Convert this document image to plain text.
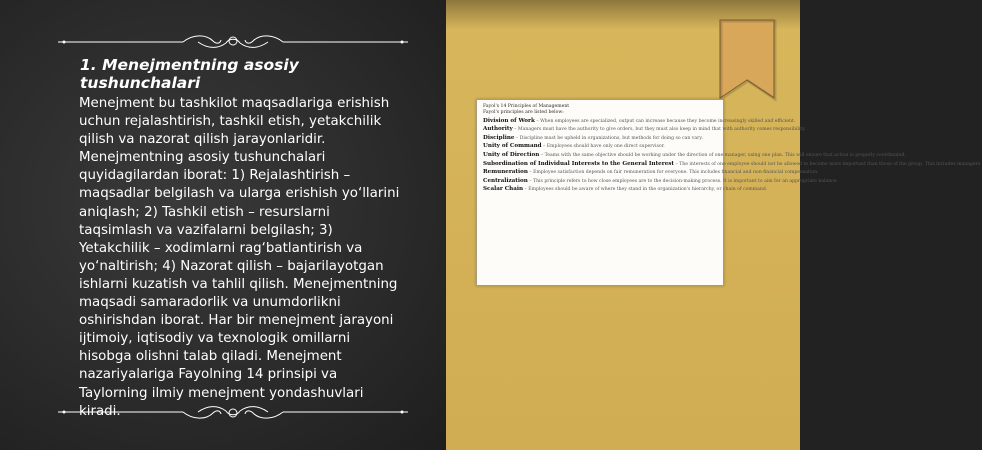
1. Menejmentning asosiy tushunchalari

Menejment bu tashkilot maqsadlariga erishish uchun rejalashtirish, tashkil etish, yetakchilik qilish va nazorat qilish jarayonlaridir. Menejmentning asosiy tushunchalari quyidagilardan iborat: 1) Rejalashtirish – maqsadlar belgilash va ularga erishish yo‘llarini aniqlash; 2) Tashkil etish – resurslarni taqsimlash va vazifalarni belgilash; 3) Yetakchilik – xodimlarni rag‘batlantirish va yo‘naltirish; 4) Nazorat qilish – bajarilayotgan ishlarni kuzatish va tahlil qilish. Menejmentning maqsadi samaradorlik va unumdorlikni oshirishdan iborat. Har bir menejment jarayoni ijtimoiy, iqtisodiy va texnologik omillarni hisobga olishni talab qiladi. Menejment nazariyalariga Fayolning 14 prinsipi va Taylorning ilmiy menejment yondashuvlari kiradi.

Fayol's 14 Principles of Management
Fayol's principles are listed below:
Division of Work – When employees are specialized, output can increase because they become increasingly skilled and efficient.
Authority – Managers must have the authority to give orders, but they must also keep in mind that with authority comes responsibility.
Discipline – Discipline must be upheld in organizations, but methods for doing so can vary.
Unity of Command – Employees should have only one direct supervisor.
Unity of Direction – Teams with the same objective should be working under the direction of one manager, using one plan. This will ensure that action is properly coordinated.
Subordination of Individual Interests to the General Interest – The interests of one employee should not be allowed to become more important than those of the group. This includes managers.
Remuneration – Employee satisfaction depends on fair remuneration for everyone. This includes financial and non-financial compensation.
Centralization – This principle refers to how close employees are to the decision-making process. It is important to aim for an appropriate balance.
Scalar Chain – Employees should be aware of where they stand in the organization's hierarchy, or chain of command.
